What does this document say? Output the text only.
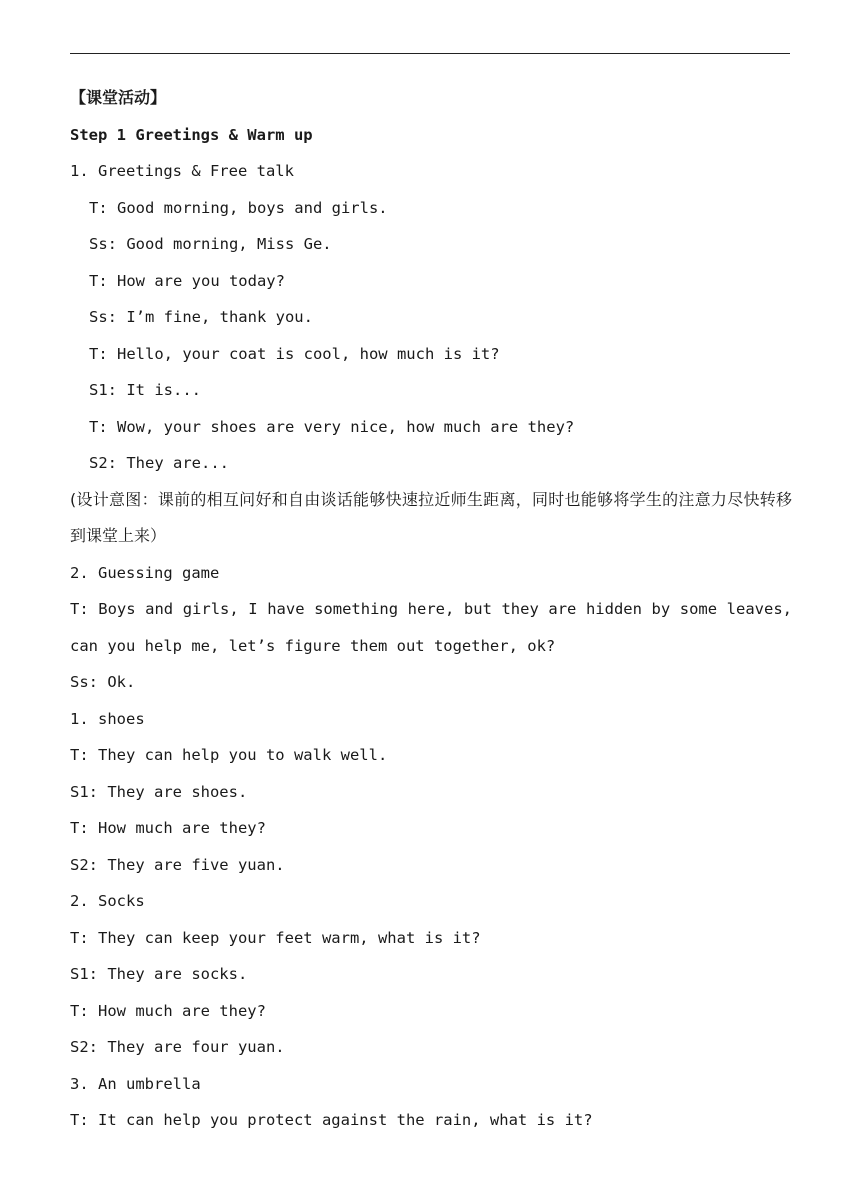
【课堂活动】
Step 1 Greetings & Warm up
1. Greetings & Free talk
T: Good morning, boys and girls.
Ss: Good morning, Miss Ge.
T: How are you today?
Ss: I’m fine, thank you.
T: Hello, your coat is cool, how much is it?
S1: It is...
T: Wow, your shoes are very nice, how much are they?
S2: They are...
(设计意图：课前的相互问好和自由谈话能够快速拉近师生距离，同时也能够将学生的注意力尽快转移到课堂上来）
2. Guessing game
T: Boys and girls, I have something here, but they are hidden by some leaves, can you help me, let’s figure them out together, ok?
Ss: Ok.
1. shoes
T: They can help you to walk well.
S1: They are shoes.
T: How much are they?
S2: They are five yuan.
2. Socks
T: They can keep your feet warm, what is it?
S1: They are socks.
T: How much are they?
S2: They are four yuan.
3. An umbrella
T: It can help you protect against the rain, what is it?
